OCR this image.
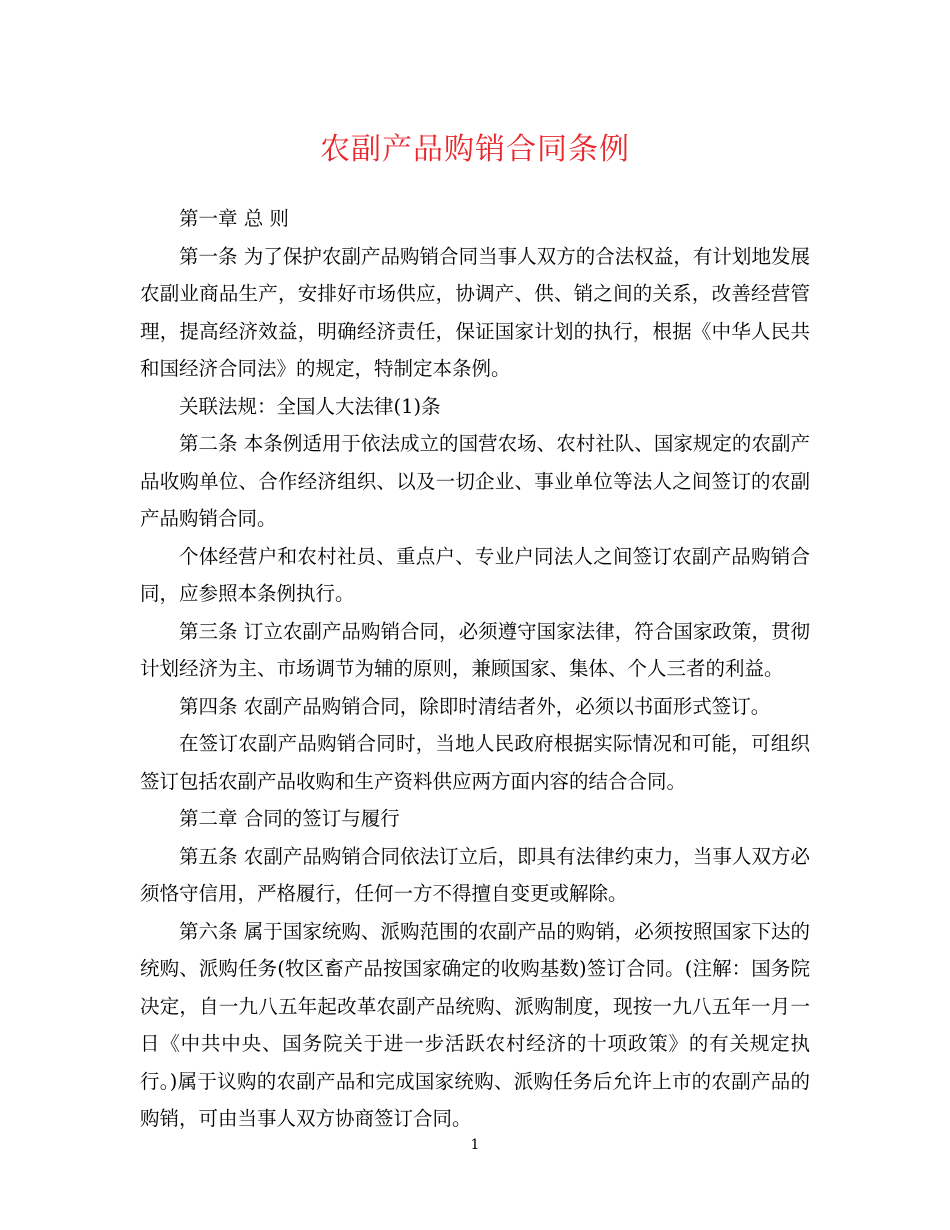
农副产品购销合同条例

第一章 总 则

第一条 为了保护农副产品购销合同当事人双方的合法权益，有计划地发展农副业商品生产，安排好市场供应，协调产、供、销之间的关系，改善经营管理，提高经济效益，明确经济责任，保证国家计划的执行，根据《中华人民共和国经济合同法》的规定，特制定本条例。

关联法规：全国人大法律(1)条

第二条 本条例适用于依法成立的国营农场、农村社队、国家规定的农副产品收购单位、合作经济组织、以及一切企业、事业单位等法人之间签订的农副产品购销合同。

个体经营户和农村社员、重点户、专业户同法人之间签订农副产品购销合同，应参照本条例执行。

第三条 订立农副产品购销合同，必须遵守国家法律，符合国家政策，贯彻计划经济为主、市场调节为辅的原则，兼顾国家、集体、个人三者的利益。

第四条 农副产品购销合同，除即时清结者外，必须以书面形式签订。

在签订农副产品购销合同时，当地人民政府根据实际情况和可能，可组织签订包括农副产品收购和生产资料供应两方面内容的结合合同。

第二章 合同的签订与履行

第五条 农副产品购销合同依法订立后，即具有法律约束力，当事人双方必须恪守信用，严格履行，任何一方不得擅自变更或解除。

第六条 属于国家统购、派购范围的农副产品的购销，必须按照国家下达的统购、派购任务(牧区畜产品按国家确定的收购基数)签订合同。(注解：国务院决定，自一九八五年起改革农副产品统购、派购制度，现按一九八五年一月一日《中共中央、国务院关于进一步活跃农村经济的十项政策》的有关规定执行。)属于议购的农副产品和完成国家统购、派购任务后允许上市的农副产品的购销，可由当事人双方协商签订合同。

1
